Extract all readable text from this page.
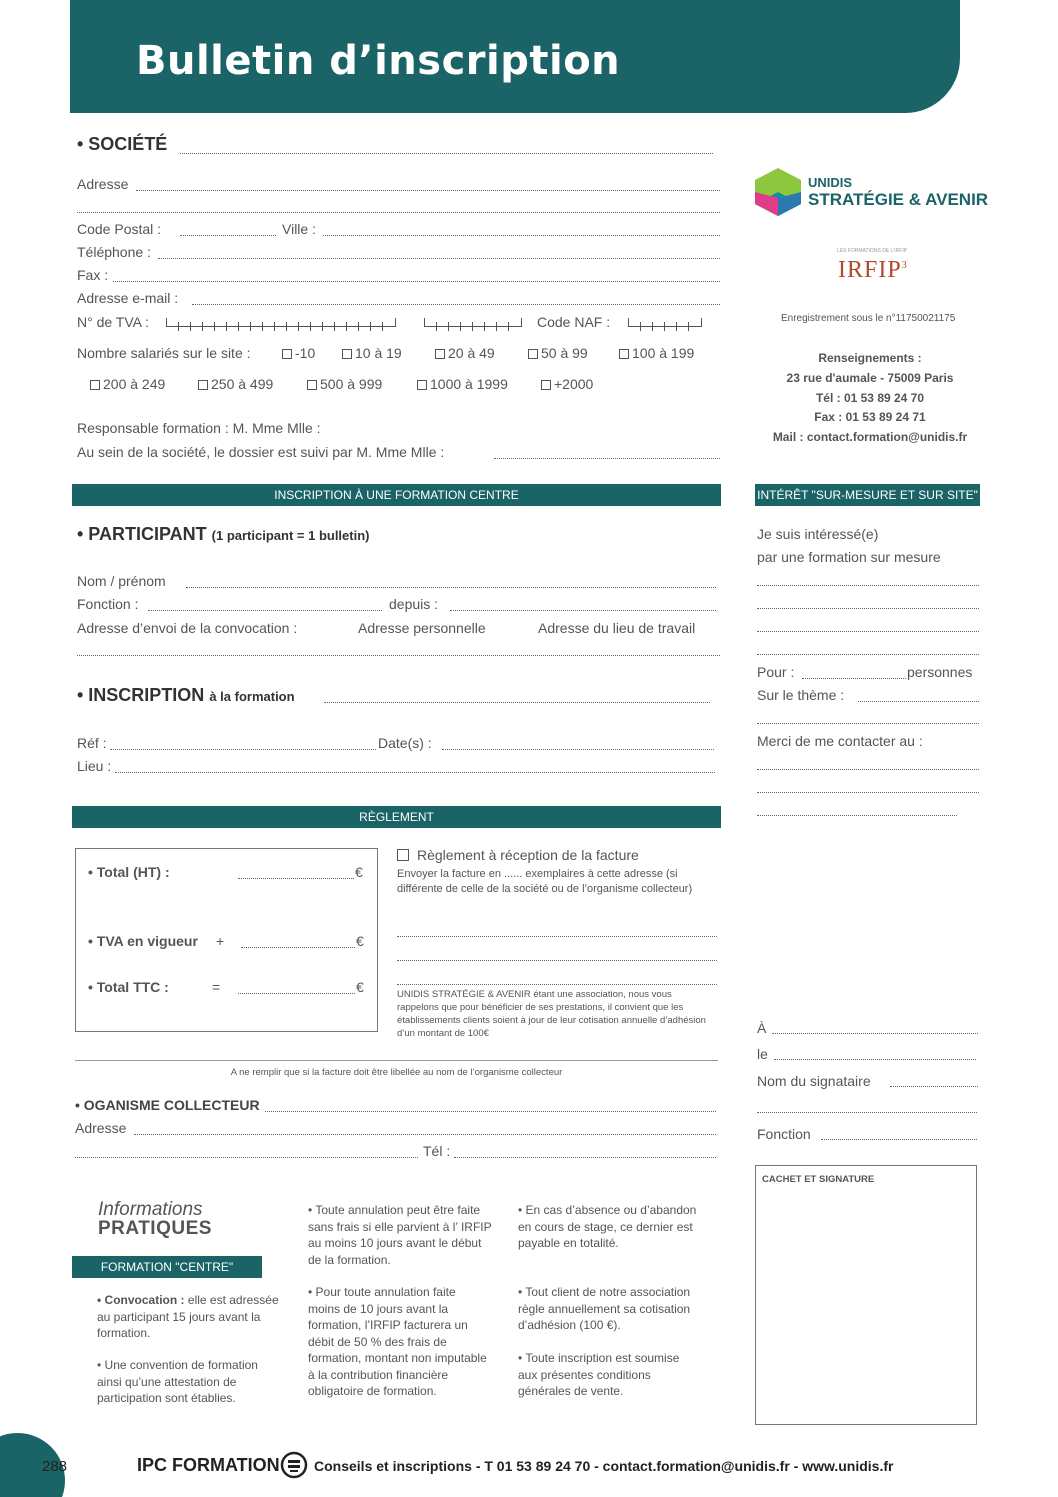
Bulletin d’inscription
• SOCIÉTÉ
Adresse
Code Postal :	Ville :
Téléphone :
Fax :
Adresse e-mail :
N° de TVA :	Code NAF :
Nombre salariés sur le site :	-10	10 à 19	20 à 49	50 à 99	100 à 199
200 à 249	250 à 499	500 à 999	1000 à 1999	+2000
Responsable formation : M. Mme Mlle :
Au sein de la société, le dossier est suivi par M. Mme Mlle :
UNIDIS
STRATÉGIE & AVENIR
LES FORMATIONS DE L'IRFIP
IRFIP$^3$
Enregistrement sous le n°11750021175
Renseignements :
23 rue d'aumale - 75009 Paris
Tél : 01 53 89 24 70
Fax : 01 53 89 24 71
Mail : contact.formation@unidis.fr
INSCRIPTION À UNE FORMATION CENTRE	INTÉRÊT "SUR-MESURE ET SUR SITE"
• PARTICIPANT (1 participant = 1 bulletin)
Nom / prénom
Fonction :	depuis :
Adresse d’envoi de la convocation :	Adresse personnelle	Adresse du lieu de travail
• INSCRIPTION à la formation
Réf :	Date(s) :
Lieu :
Je suis intéressé(e)
par une formation sur mesure
Pour :	personnes
Sur le thème :
Merci de me contacter au :
RÈGLEMENT
• Total (HT) :	€
• TVA en vigueur +	€
• Total TTC :	=	€
Règlement à réception de la facture
Envoyer la facture en ...... exemplaires à cette adresse (si différente de celle de la société ou de l’organisme collecteur)
UNIDIS STRATÉGIE & AVENIR étant une association, nous vous rappelons que pour bénéficier de ses prestations, il convient que les établissements clients soient à jour de leur cotisation annuelle d’adhésion d’un montant de 100€
A ne remplir que si la facture doit être libellée au nom de l’organisme collecteur
• OGANISME COLLECTEUR
Adresse
Tél :
À
le
Nom du signataire
Fonction
CACHET ET SIGNATURE
Informations
PRATIQUES
FORMATION "CENTRE"
• Convocation : elle est adressée au participant 15 jours avant la formation.
• Une convention de formation ainsi qu’une attestation de participation sont établies.
• Toute annulation peut être faite sans frais si elle parvient à l’ IRFIP au moins 10 jours avant le début de la formation.
• Pour toute annulation faite moins de 10 jours avant la formation, l’IRFIP facturera un débit de 50 % des frais de formation, montant non imputable à la contribution financière obligatoire de formation.
• En cas d’absence ou d’abandon en cours de stage, ce dernier est payable en totalité.
• Tout client de notre association règle annuellement sa cotisation d’adhésion (100 €).
• Toute inscription est soumise aux présentes conditions générales de vente.
288	IPC FORMATION Conseils et inscriptions - T 01 53 89 24 70 - contact.formation@unidis.fr - www.unidis.fr
